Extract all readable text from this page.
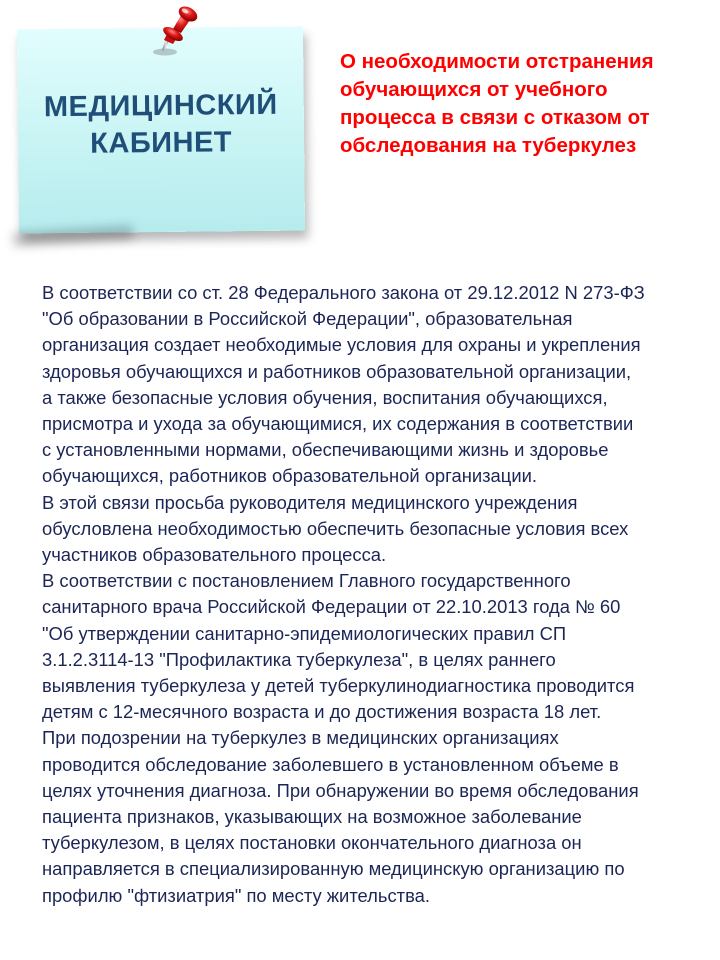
МЕДИЦИНСКИЙ
КАБИНЕТ
О необходимости отстранения
обучающихся от учебного
процесса в связи с отказом от
обследования на туберкулез
В соответствии со ст. 28 Федерального закона от 29.12.2012 N 273-ФЗ
"Об образовании в Российской Федерации", образовательная
организация создает необходимые условия для охраны и укрепления
здоровья обучающихся и работников образовательной организации,
а также безопасные условия обучения, воспитания обучающихся,
присмотра и ухода за обучающимися, их содержания в соответствии
с установленными нормами, обеспечивающими жизнь и здоровье
обучающихся, работников образовательной организации.
В этой связи просьба руководителя медицинского учреждения
обусловлена необходимостью обеспечить безопасные условия всех
участников образовательного процесса.
В соответствии с постановлением Главного государственного
санитарного врача Российской Федерации от 22.10.2013 года № 60
"Об утверждении санитарно-эпидемиологических правил СП
3.1.2.3114-13 "Профилактика туберкулеза", в целях раннего
выявления туберкулеза у детей туберкулинодиагностика проводится
детям с 12-месячного возраста и до достижения возраста 18 лет.
При подозрении на туберкулез в медицинских организациях
проводится обследование заболевшего в установленном объеме в
целях уточнения диагноза. При обнаружении во время обследования
пациента признаков, указывающих на возможное заболевание
туберкулезом, в целях постановки окончательного диагноза он
направляется в специализированную медицинскую организацию по
профилю "фтизиатрия" по месту жительства.
